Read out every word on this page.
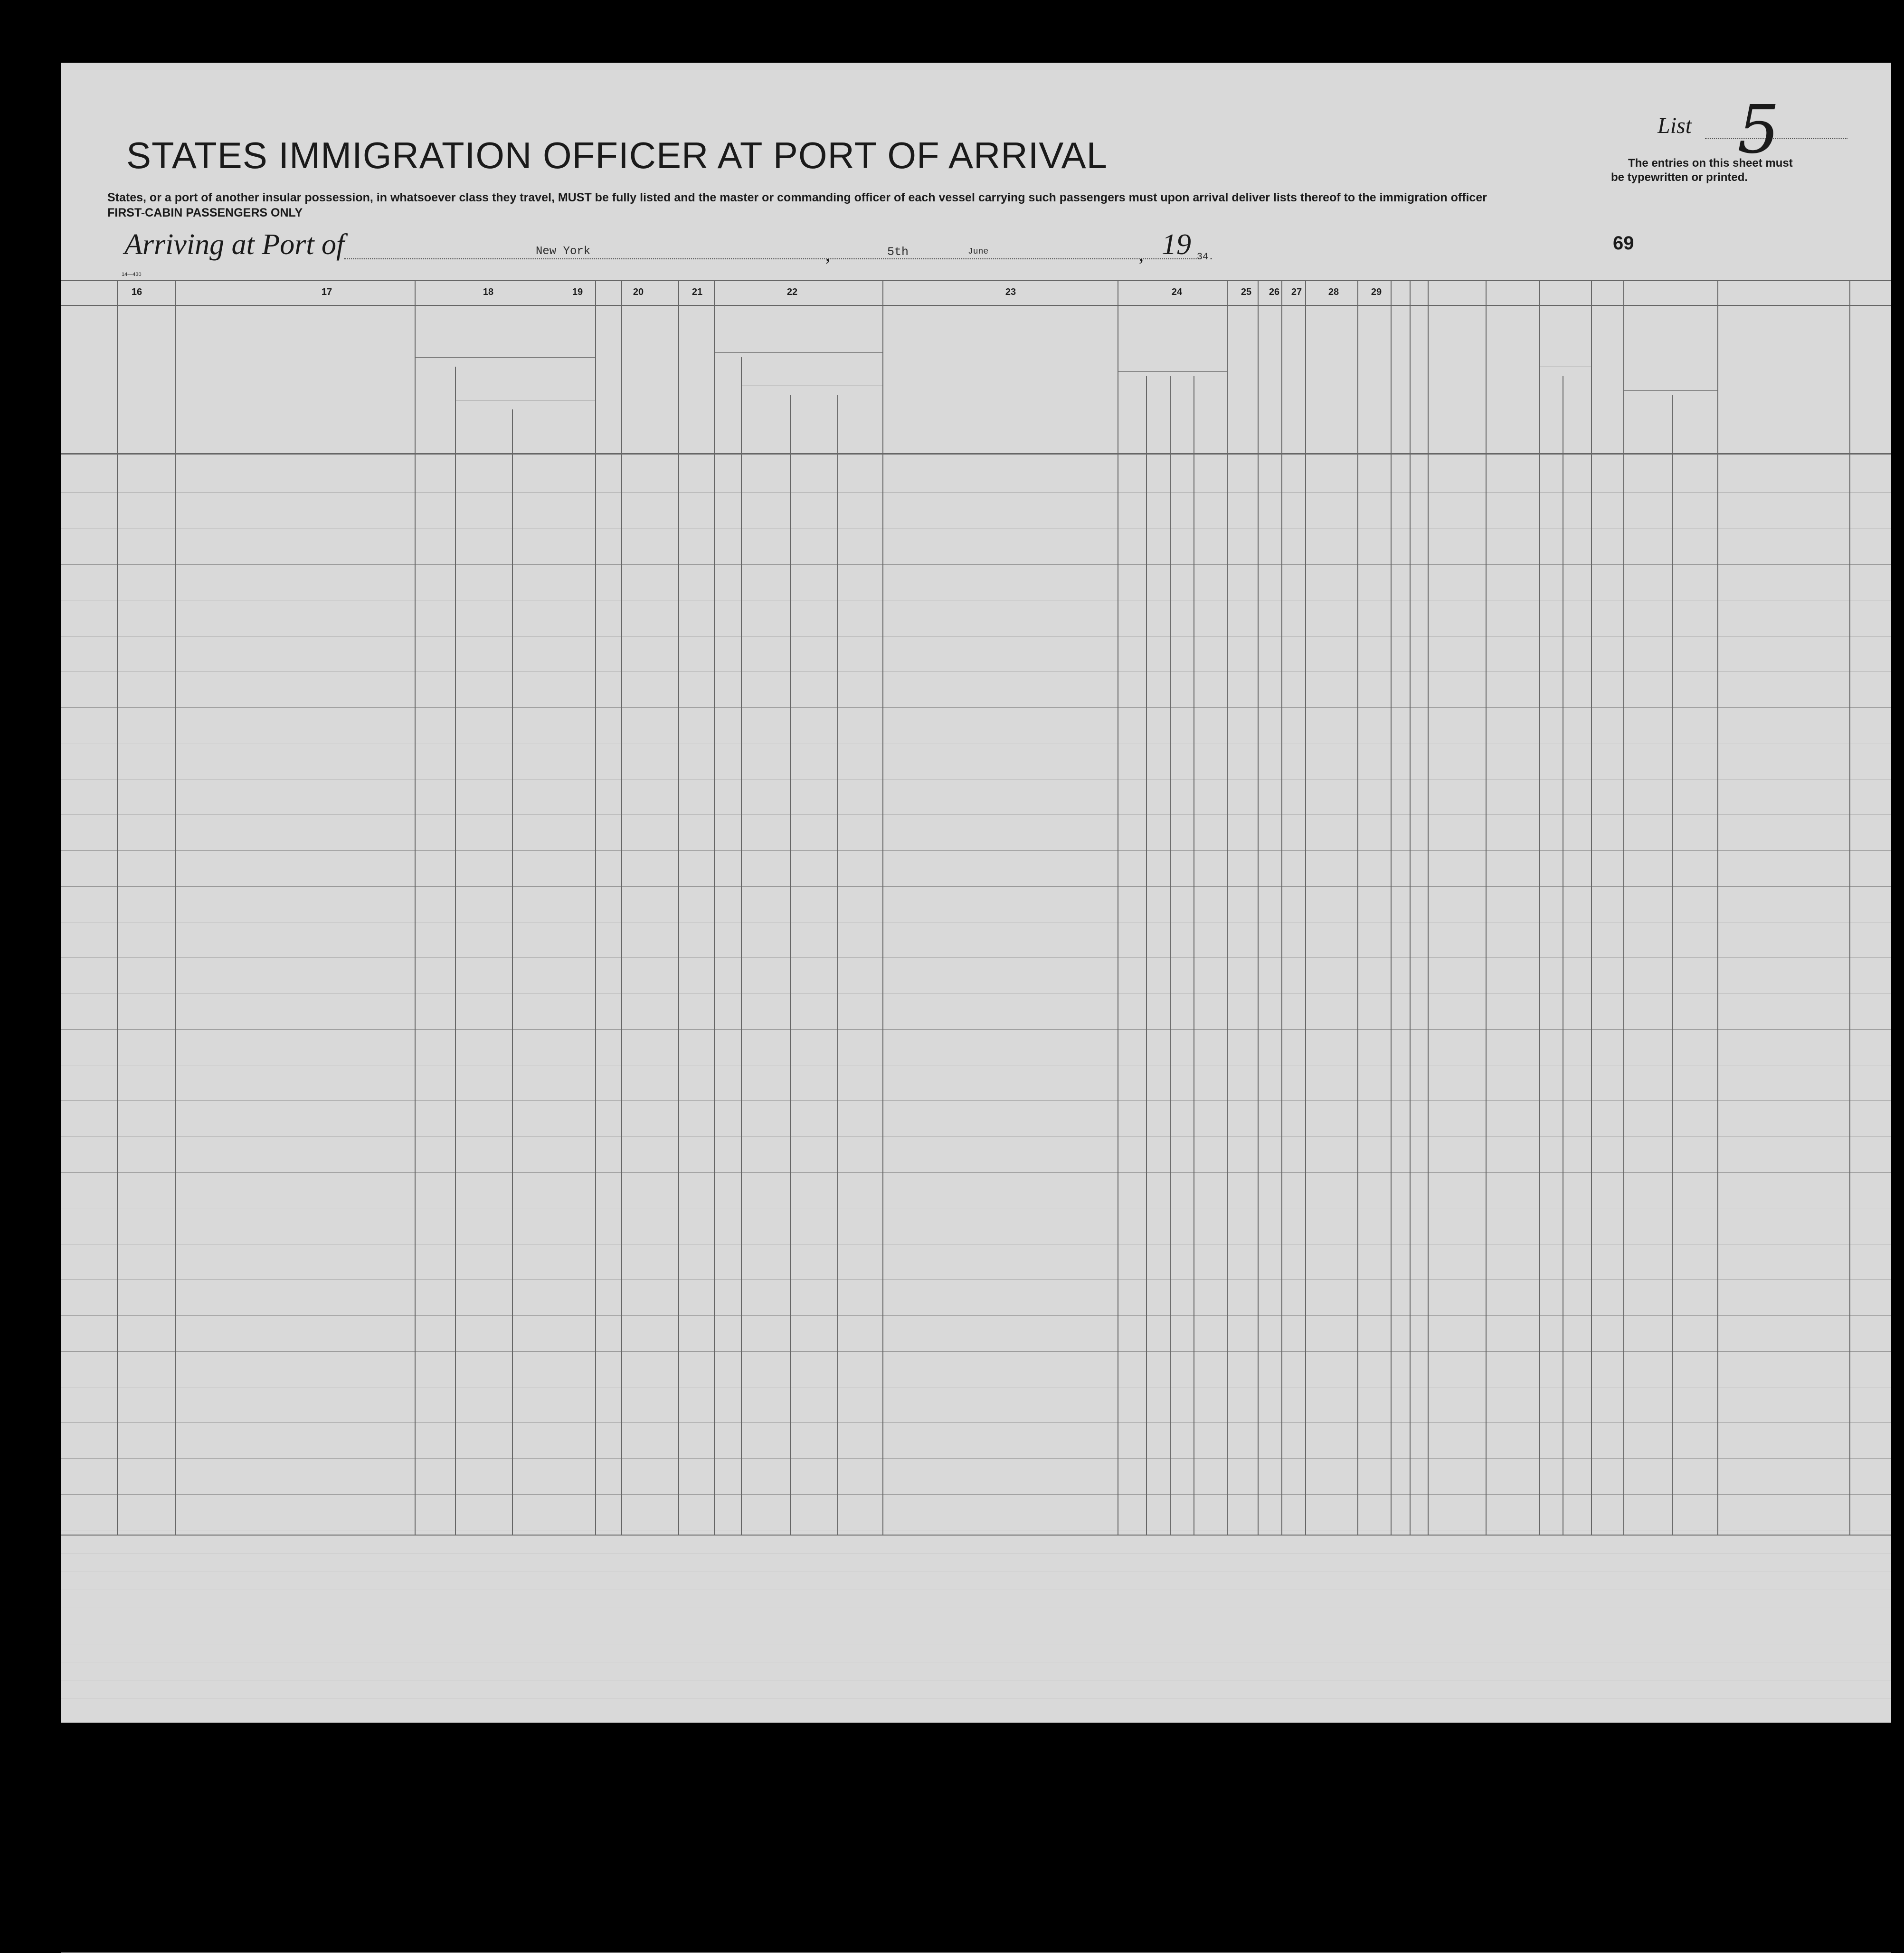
STATES IMMIGRATION OFFICER AT PORT OF ARRIVAL
States, or a port of another insular possession, in whatsoever class they travel, MUST be fully listed and the master or commanding officer of each vessel carrying such passengers must upon arrival deliver lists thereof to the immigration officer
FIRST-CABIN PASSENGERS ONLY
List 5
The entries on this sheet must
be typewritten or printed.
Arriving at Port of	New York	,	5th	June	, 19 34.
69
14—430
16	17	18	19	20	21	22	23	24	25	26	27	28	29
